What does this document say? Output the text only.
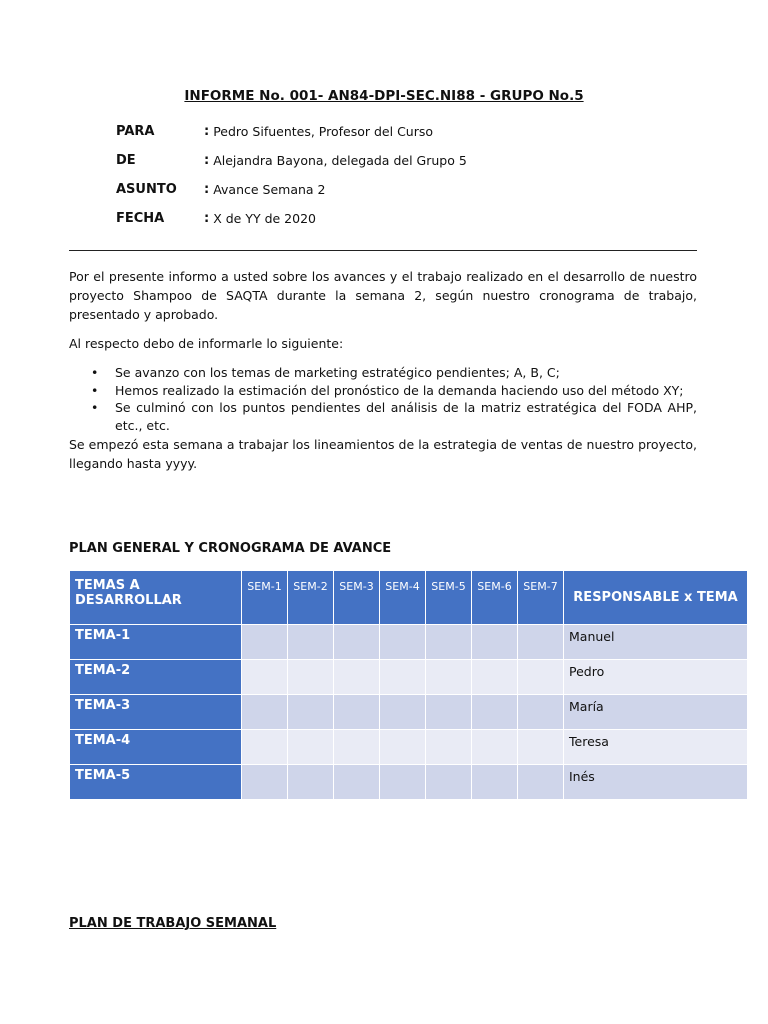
INFORME No. 001- AN84-DPI-SEC.NI88 - GRUPO No.5
PARA	: Pedro Sifuentes, Profesor del Curso
DE	: Alejandra Bayona, delegada del Grupo 5
ASUNTO	: Avance Semana 2
FECHA	: X de YY de 2020
Por el presente informo a usted sobre los avances y el trabajo realizado en el desarrollo de nuestro proyecto Shampoo de SAQTA durante la semana 2, según nuestro cronograma de trabajo, presentado y aprobado.
Al respecto debo de informarle lo siguiente:
• Se avanzo con los temas de marketing estratégico pendientes; A, B, C;
• Hemos realizado la estimación del pronóstico de la demanda haciendo uso del método XY;
• Se culminó con los puntos pendientes del análisis de la matriz estratégica del FODA AHP, etc., etc.
Se empezó esta semana a trabajar los lineamientos de la estrategia de ventas de nuestro proyecto, llegando hasta yyyy.
PLAN GENERAL Y CRONOGRAMA DE AVANCE
TEMAS A DESARROLLAR	SEM-1	SEM-2	SEM-3	SEM-4	SEM-5	SEM-6	SEM-7	RESPONSABLE x TEMA
TEMA-1								Manuel
TEMA-2								Pedro
TEMA-3								María
TEMA-4								Teresa
TEMA-5								Inés
PLAN DE TRABAJO SEMANAL
